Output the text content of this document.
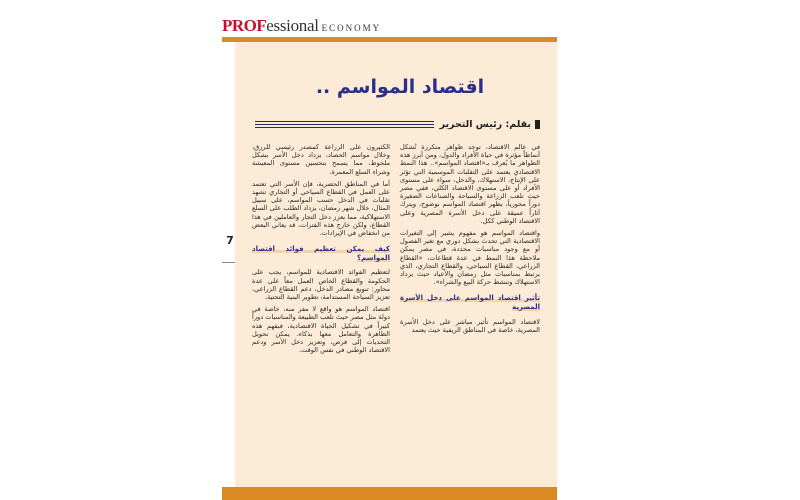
PROF essional ECONOMY
7
اقتصاد المواسم ..
بقلم: رئيس التحرير

في عالم الاقتصاد، توجد ظواهر متكررة تُشكل أنماطاً مؤثرة في حياة الأفراد والدول، ومن أبرز هذه الظواهر ما يُعرف بـ«اقتصاد المواسم».. هذا النمط الاقتصادي يعتمد على التقلبات الموسمية التي تؤثر على الإنتاج، الاستهلاك، والدخل، سواء على مستوى الأفراد أو على مستوى الاقتصاد الكلي، ففي مصر حيث تلعب الزراعة والسياحة والصناعات الصغيرة دوراً محورياً، يظهر اقتصاد المواسم بوضوح، ويترك آثاراً عميقة على دخل الأسرة المصرية وعلى الاقتصاد الوطني ككل.

واقتصاد المواسم هو مفهوم يشير إلى التغيرات الاقتصادية التي تحدث بشكل دوري مع تغير الفصول أو مع وجود مناسبات محددة، في مصر يمكن ملاحظة هذا النمط في عدة قطاعات، «القطاع الزراعي، القطاع السياحي، والقطاع التجاري، الذي يرتبط بمناسبات مثل رمضان والأعياد حيث يزداد الاستهلاك وتنشط حركة البيع والشراء».

تأثير اقتصاد المواسم على دخل الأسرة المصرية

لاقتصاد المواسم تأثير مباشر على دخل الأسرة المصرية، خاصة في المناطق الريفية حيث يعتمد

الكثيرون على الزراعة كمصدر رئيسي للرزق، وخلال مواسم الحصاد، يزداد دخل الأسر بشكل ملحوظ، مما يسمح بتحسين مستوى المعيشة وشراء السلع المعمرة.

أما في المناطق الحضرية، فإن الأسر التي تعتمد على العمل في القطاع السياحي أو التجاري تشهد تقلبات في الدخل حسب المواسم، على سبيل المثال، خلال شهر رمضان، يزداد الطلب على السلع الاستهلاكية، مما يعزز دخل التجار والعاملين في هذا القطاع، ولكن خارج هذه الفترات، قد يعاني البعض من انخفاض في الإيرادات.

كيف يمكن تعظيم فوائد اقتصاد المواسم؟

لتعظيم الفوائد الاقتصادية للمواسم، يجب على الحكومة والقطاع الخاص العمل معاً على عدة محاور: تنويع مصادر الدخل، دعم القطاع الزراعي، تعزيز السياحة المستدامة، تطوير البنية التحتية.

اقتصاد المواسم هو واقع لا مفر منه، خاصة في دولة مثل مصر حيث تلعب الطبيعة والمناسبات دوراً كبيراً في تشكيل الحياة الاقتصادية، فبفهم هذه الظاهرة والتعامل معها بذكاء، يمكن تحويل التحديات إلى فرص، وتعزيز دخل الأسر ودعم الاقتصاد الوطني في نفس الوقت.
